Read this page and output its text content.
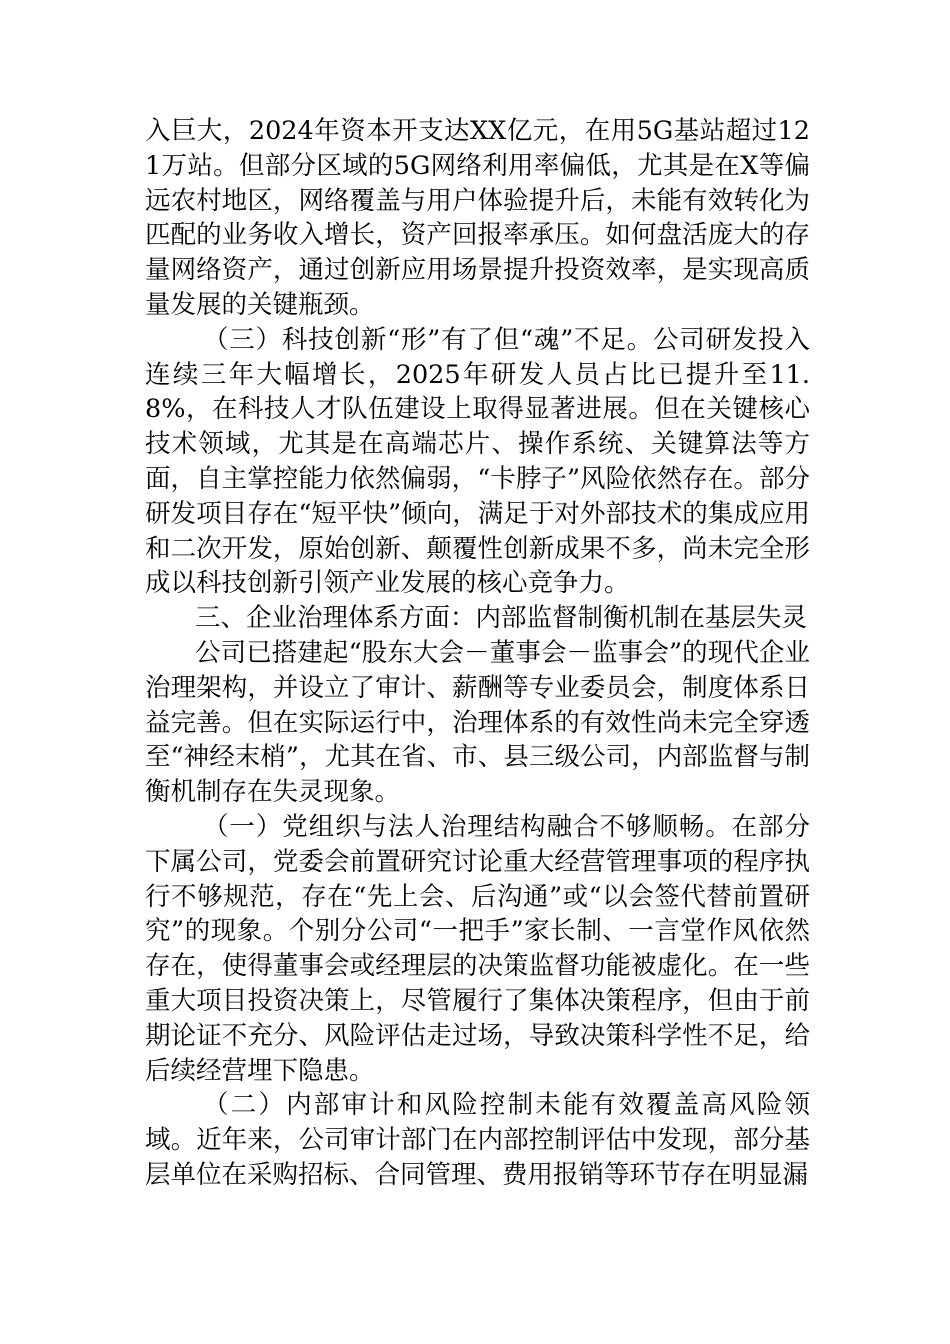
入巨大，2024年资本开支达XX亿元，在用5G基站超过121万站。但部分区域的5G网络利用率偏低，尤其是在X等偏远农村地区，网络覆盖与用户体验提升后，未能有效转化为匹配的业务收入增长，资产回报率承压。如何盘活庞大的存量网络资产，通过创新应用场景提升投资效率，是实现高质量发展的关键瓶颈。

（三）科技创新“形”有了但“魂”不足。公司研发投入连续三年大幅增长，2025年研发人员占比已提升至11.8%，在科技人才队伍建设上取得显著进展。但在关键核心技术领域，尤其是在高端芯片、操作系统、关键算法等方面，自主掌控能力依然偏弱，“卡脖子”风险依然存在。部分研发项目存在“短平快”倾向，满足于对外部技术的集成应用和二次开发，原始创新、颠覆性创新成果不多，尚未完全形成以科技创新引领产业发展的核心竞争力。

三、企业治理体系方面：内部监督制衡机制在基层失灵

公司已搭建起“股东大会－董事会－监事会”的现代企业治理架构，并设立了审计、薪酬等专业委员会，制度体系日益完善。但在实际运行中，治理体系的有效性尚未完全穿透至“神经末梢”，尤其在省、市、县三级公司，内部监督与制衡机制存在失灵现象。

（一）党组织与法人治理结构融合不够顺畅。在部分下属公司，党委会前置研究讨论重大经营管理事项的程序执行不够规范，存在“先上会、后沟通”或“以会签代替前置研究”的现象。个别分公司“一把手”家长制、一言堂作风依然存在，使得董事会或经理层的决策监督功能被虚化。在一些重大项目投资决策上，尽管履行了集体决策程序，但由于前期论证不充分、风险评估走过场，导致决策科学性不足，给后续经营埋下隐患。

（二）内部审计和风险控制未能有效覆盖高风险领域。近年来，公司审计部门在内部控制评估中发现，部分基层单位在采购招标、合同管理、费用报销等环节存在明显漏
